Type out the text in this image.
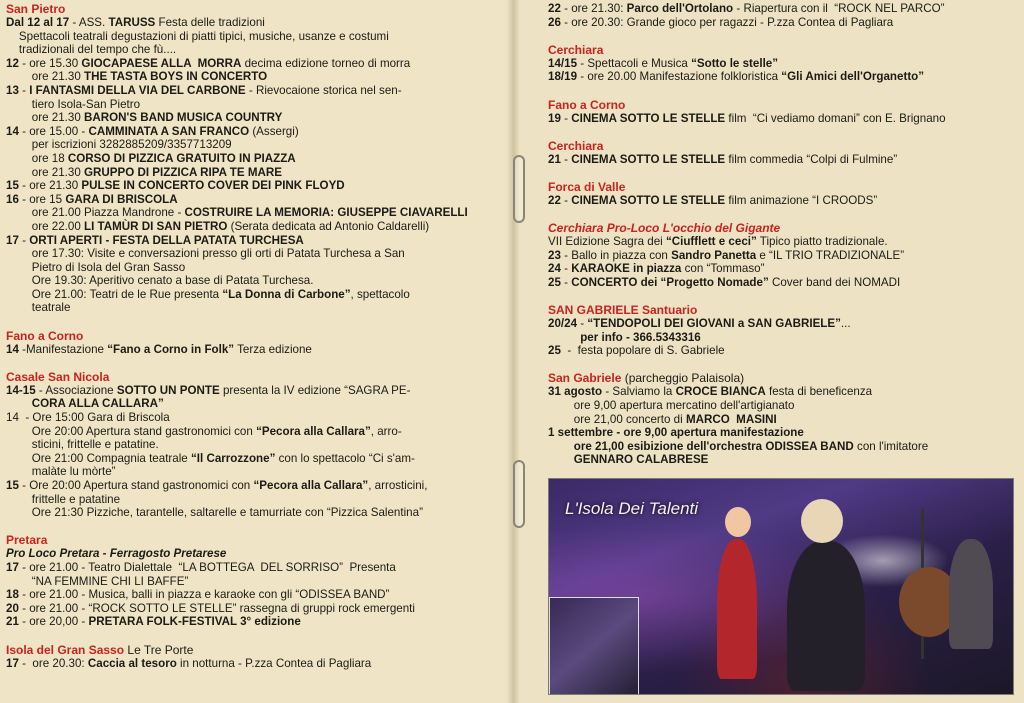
San Pietro
Dal 12 al 17 - ASS. TARUSS Festa delle tradizioni
Spettacoli teatrali degustazioni di piatti tipici, musiche, usanze e costumi
tradizionali del tempo che fù....
12 - ore 15.30 GIOCAPAESE ALLA  MORRA decima edizione torneo di morra
ore 21.30 THE TASTA BOYS IN CONCERTO
13 - I FANTASMI DELLA VIA DEL CARBONE - Rievocaione storica nel sen-
tiero Isola-San Pietro
ore 21.30 BARON'S BAND MUSICA COUNTRY
14 - ore 15.00 - CAMMINATA A SAN FRANCO (Assergi)
per iscrizioni 3282885209/3357713209
ore 18 CORSO DI PIZZICA GRATUITO IN PIAZZA
ore 21.30 GRUPPO DI PIZZICA RIPA TE MARE
15 - ore 21.30 PULSE IN CONCERTO COVER DEI PINK FLOYD
16 - ore 15 GARA DI BRISCOLA
ore 21.00 Piazza Mandrone - COSTRUIRE LA MEMORIA: GIUSEPPE CIAVARELLI
ore 22.00 LI TAMÙR DI SAN PIETRO (Serata dedicata ad Antonio Caldarelli)
17 - ORTI APERTI - FESTA DELLA PATATA TURCHESA
ore 17.30: Visite e conversazioni presso gli orti di Patata Turchesa a San
Pietro di Isola del Gran Sasso
Ore 19.30: Aperitivo cenato a base di Patata Turchesa.
Ore 21.00: Teatri de le Rue presenta “La Donna di Carbone”, spettacolo
teatrale
Fano a Corno
14 -Manifestazione “Fano a Corno in Folk” Terza edizione
Casale San Nicola
14-15 - Associazione SOTTO UN PONTE presenta la IV edizione “SAGRA PE-
CORA ALLA CALLARA”
14  - Ore 15:00 Gara di Briscola
Ore 20:00 Apertura stand gastronomici con “Pecora alla Callara”, arro-
sticini, frittelle e patatine.
Ore 21:00 Compagnia teatrale “Il Carrozzone” con lo spettacolo “Ci s'am-
malàte lu mòrte”
15 - Ore 20:00 Apertura stand gastronomici con “Pecora alla Callara”, arrosticini,
frittelle e patatine
Ore 21:30 Pizziche, tarantelle, saltarelle e tamurriate con “Pizzica Salentina”
Pretara
Pro Loco Pretara - Ferragosto Pretarese
17 - ore 21.00 - Teatro Dialettale  “LA BOTTEGA  DEL SORRISO”  Presenta
“NA FEMMINE CHI LI BAFFE”
18 - ore 21.00 - Musica, balli in piazza e karaoke con gli “ODISSEA BAND”
20 - ore 21.00 - “ROCK SOTTO LE STELLE” rassegna di gruppi rock emergenti
21 - ore 20,00 - PRETARA FOLK-FESTIVAL 3° edizione
Isola del Gran Sasso Le Tre Porte
17 -  ore 20.30: Caccia al tesoro in notturna - P.zza Contea di Pagliara
22 - ore 21.30: Parco dell'Ortolano - Riapertura con il  “ROCK NEL PARCO”
26 - ore 20.30: Grande gioco per ragazzi - P.zza Contea di Pagliara
Cerchiara
14/15 - Spettacoli e Musica “Sotto le stelle”
18/19 - ore 20.00 Manifestazione folkloristica “Gli Amici dell'Organetto”
Fano a Corno
19 - CINEMA SOTTO LE STELLE film  “Ci vediamo domani” con E. Brignano
Cerchiara
21 - CINEMA SOTTO LE STELLE film commedia “Colpi di Fulmine”
Forca di Valle
22 - CINEMA SOTTO LE STELLE film animazione “I CROODS”
Cerchiara Pro-Loco L'occhio del Gigante
VII Edizione Sagra dei “Ciufflett e ceci” Tipico piatto tradizionale.
23 - Ballo in piazza con Sandro Panetta e “IL TRIO TRADIZIONALE”
24 - KARAOKE in piazza con “Tommaso”
25 - CONCERTO dei “Progetto Nomade” Cover band dei NOMADI
SAN GABRIELE Santuario
20/24 - “TENDOPOLI DEI GIOVANI a SAN GABRIELE”...
per info - 366.5343316
25  -  festa popolare di S. Gabriele
San Gabriele (parcheggio Palaisola)
31 agosto - Salviamo la CROCE BIANCA festa di beneficenza
ore 9,00 apertura mercatino dell'artigianato
ore 21,00 concerto di MARCO  MASINI
1 settembre - ore 9,00 apertura manifestazione
ore 21,00 esibizione dell'orchestra ODISSEA BAND con l'imitatore
GENNARO CALABRESE
L'Isola Dei Talenti
